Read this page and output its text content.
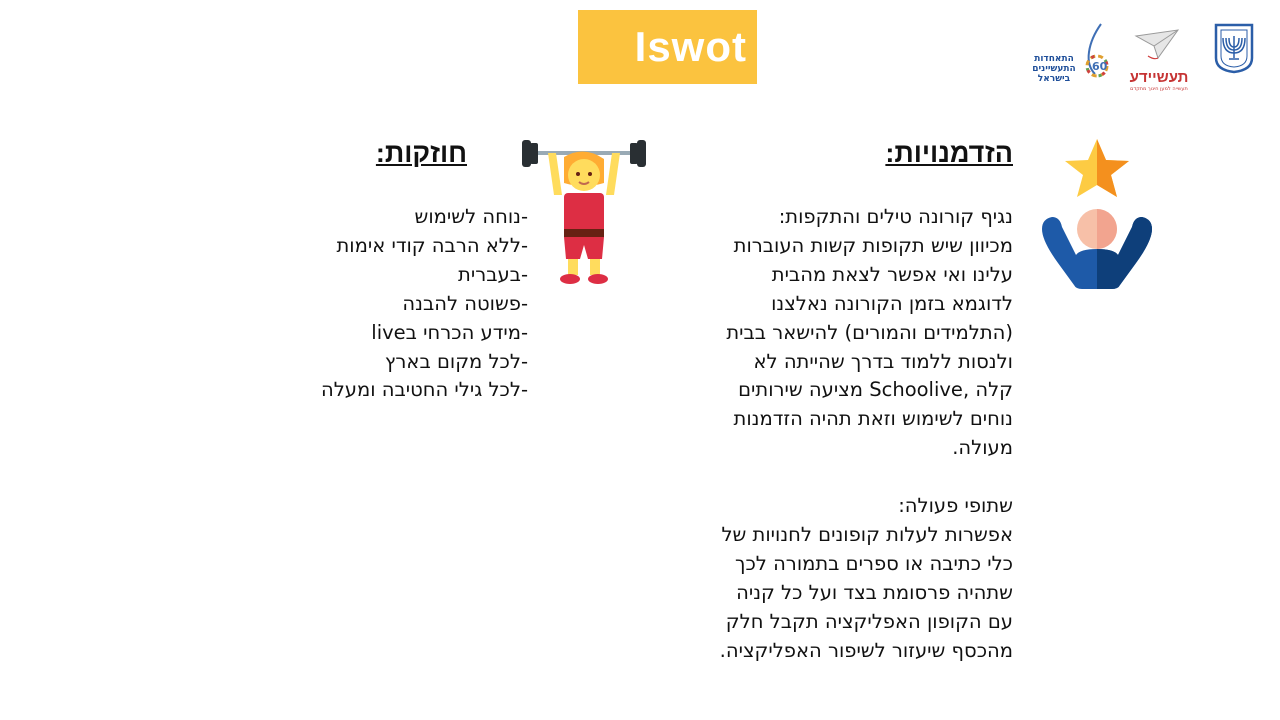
Iswot
תעשיידע
תעשייה למען חינוך מתקדם
60
התאחדות
התעשיינים
בישראל
הזדמנויות:
חוזקות:
נגיף קורונה טילים והתקפות:
מכיוון שיש תקופות קשות העוברות
עלינו ואי אפשר לצאת מהבית
לדוגמא בזמן הקורונה נאלצנו
(התלמידים והמורים) להישאר בבית
ולנסות ללמוד בדרך שהייתה לא
קלה ,Schoolive מציעה שירותים
נוחים לשימוש וזאת תהיה הזדמנות
מעולה.
שתופי פעולה:
אפשרות לעלות קופונים לחנויות של
כלי כתיבה או ספרים בתמורה לכך
שתהיה פרסומת בצד ועל כל קניה
עם הקופון האפליקציה תקבל חלק
מהכסף שיעזור לשיפור האפליקציה.
-נוחה לשימוש
-ללא הרבה קודי אימות
-בעברית
-פשוטה להבנה
-מידע הכרחי בlive
-לכל מקום בארץ
-לכל גילי החטיבה ומעלה
